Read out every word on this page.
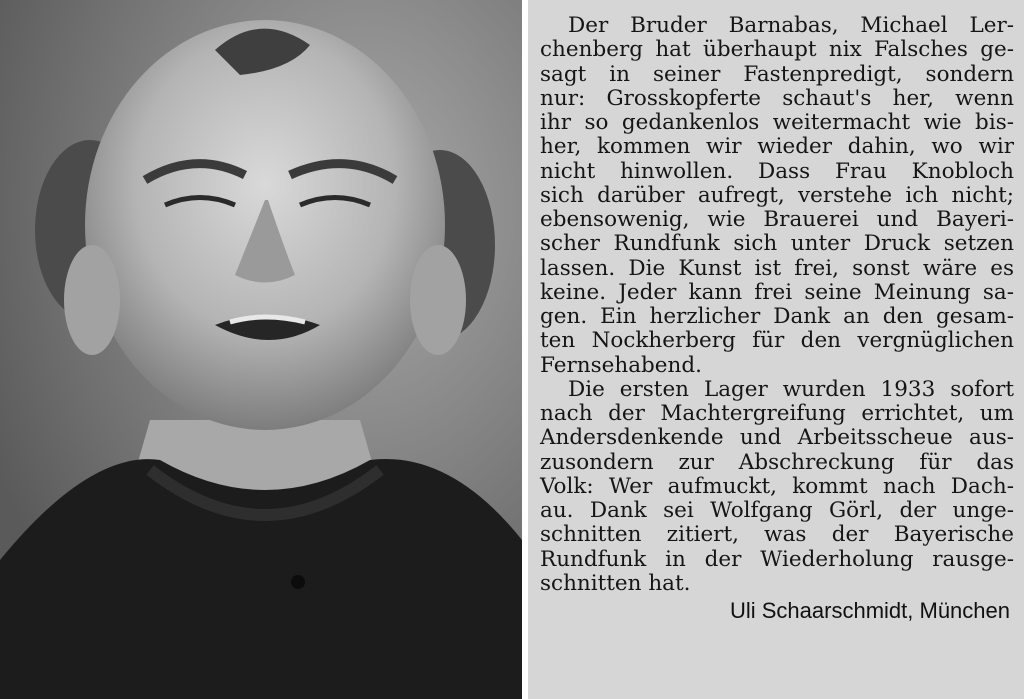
Der Bruder Barnabas, Michael Ler-
chenberg hat überhaupt nix Falsches ge-
sagt in seiner Fastenpredigt, sondern
nur: Grosskopferte schaut's her, wenn
ihr so gedankenlos weitermacht wie bis-
her, kommen wir wieder dahin, wo wir
nicht hinwollen. Dass Frau Knobloch
sich darüber aufregt, verstehe ich nicht;
ebensowenig, wie Brauerei und Bayeri-
scher Rundfunk sich unter Druck setzen
lassen. Die Kunst ist frei, sonst wäre es
keine. Jeder kann frei seine Meinung sa-
gen. Ein herzlicher Dank an den gesam-
ten Nockherberg für den vergnüglichen
Fernsehabend.
Die ersten Lager wurden 1933 sofort
nach der Machtergreifung errichtet, um
Andersdenkende und Arbeitsscheue aus-
zusondern zur Abschreckung für das
Volk: Wer aufmuckt, kommt nach Dach-
au. Dank sei Wolfgang Görl, der unge-
schnitten zitiert, was der Bayerische
Rundfunk in der Wiederholung rausge-
schnitten hat.
Uli Schaarschmidt, München
